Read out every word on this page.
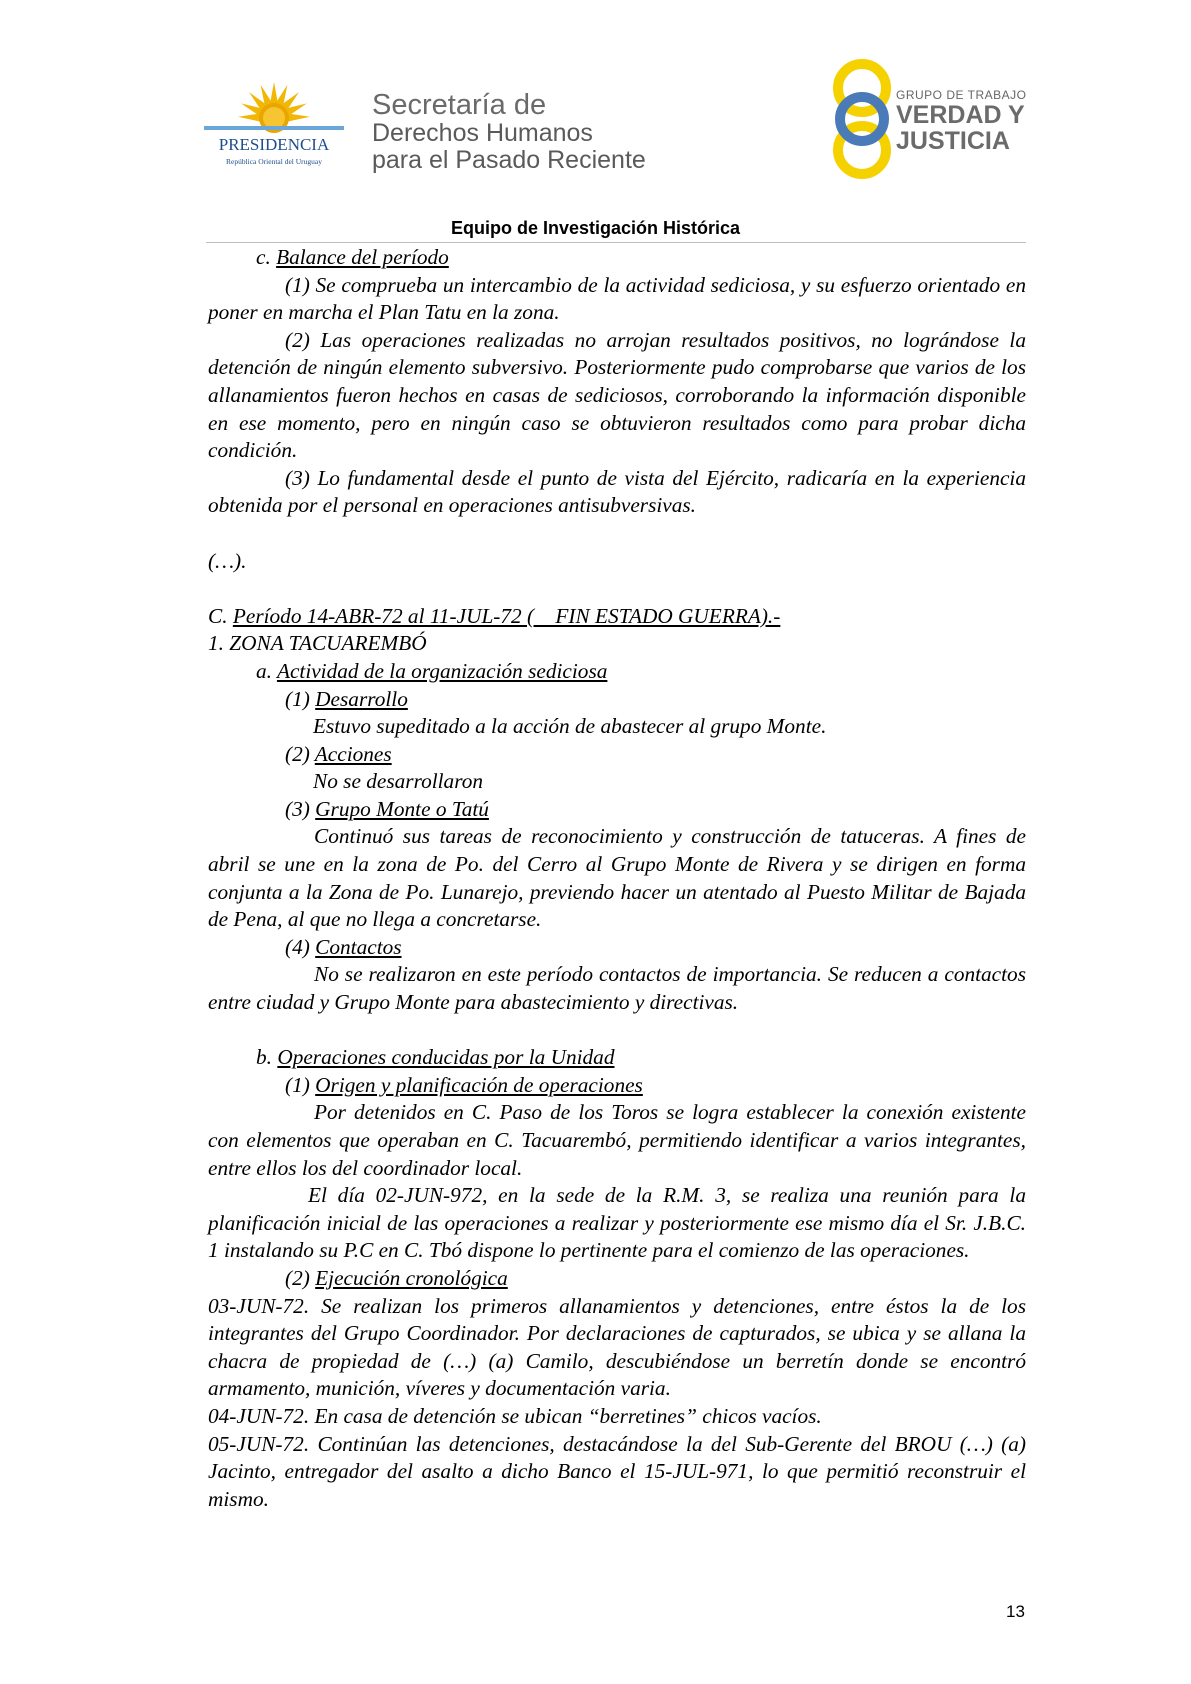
PRESIDENCIA
República Oriental del Uruguay
Secretaría de
Derechos Humanos
para el Pasado Reciente
GRUPO DE TRABAJO
VERDAD Y
JUSTICIA
Equipo de Investigación Histórica

c. Balance del período

(1) Se comprueba un intercambio de la actividad sediciosa, y su esfuerzo orientado en poner en marcha el Plan Tatu en la zona.

(2) Las operaciones realizadas no arrojan resultados positivos, no lográndose la detención de ningún elemento subversivo. Posteriormente pudo comprobarse que varios de los allanamientos fueron hechos en casas de sediciosos, corroborando la información disponible en ese momento, pero en ningún caso se obtuvieron resultados como para probar dicha condición.

(3) Lo fundamental desde el punto de vista del Ejército, radicaría en la experiencia obtenida por el personal en operaciones antisubversivas.

(…).

C. Período 14-ABR-72 al 11-JUL-72 (    FIN ESTADO GUERRA).-

1. ZONA TACUAREMBÓ

a. Actividad de la organización sediciosa

(1) Desarrollo

Estuvo supeditado a la acción de abastecer al grupo Monte.

(2) Acciones

No se desarrollaron

(3) Grupo Monte o Tatú

Continuó sus tareas de reconocimiento y construcción de tatuceras. A fines de abril se une en la zona de Po. del Cerro al Grupo Monte de Rivera y se dirigen en forma conjunta a la Zona de Po. Lunarejo, previendo hacer un atentado al Puesto Militar de Bajada de Pena, al que no llega a concretarse.

(4) Contactos

No se realizaron en este período contactos de importancia. Se reducen a contactos entre ciudad y Grupo Monte para abastecimiento y directivas.

b. Operaciones conducidas por la Unidad

(1) Origen y planificación de operaciones

Por detenidos en C. Paso de los Toros se logra establecer la conexión existente con elementos que operaban en C. Tacuarembó, permitiendo identificar a varios integrantes, entre ellos los del coordinador local.

El día 02-JUN-972, en la sede de la R.M. 3, se realiza una reunión para la planificación inicial de las operaciones a realizar y posteriormente ese mismo día el Sr. J.B.C. 1 instalando su P.C en C. Tbó dispone lo pertinente para el comienzo de las operaciones.

(2) Ejecución cronológica

03-JUN-72. Se realizan los primeros allanamientos y detenciones, entre éstos la de los integrantes del Grupo Coordinador. Por declaraciones de capturados, se ubica y se allana la chacra de propiedad de (…) (a) Camilo, descubiéndose un berretín donde se encontró armamento, munición, víveres y documentación varia.

04-JUN-72. En casa de detención se ubican “berretines” chicos vacíos.

05-JUN-72. Continúan las detenciones, destacándose la del Sub-Gerente del BROU (…) (a) Jacinto, entregador del asalto a dicho Banco el 15-JUL-971, lo que permitió reconstruir el mismo.

13
